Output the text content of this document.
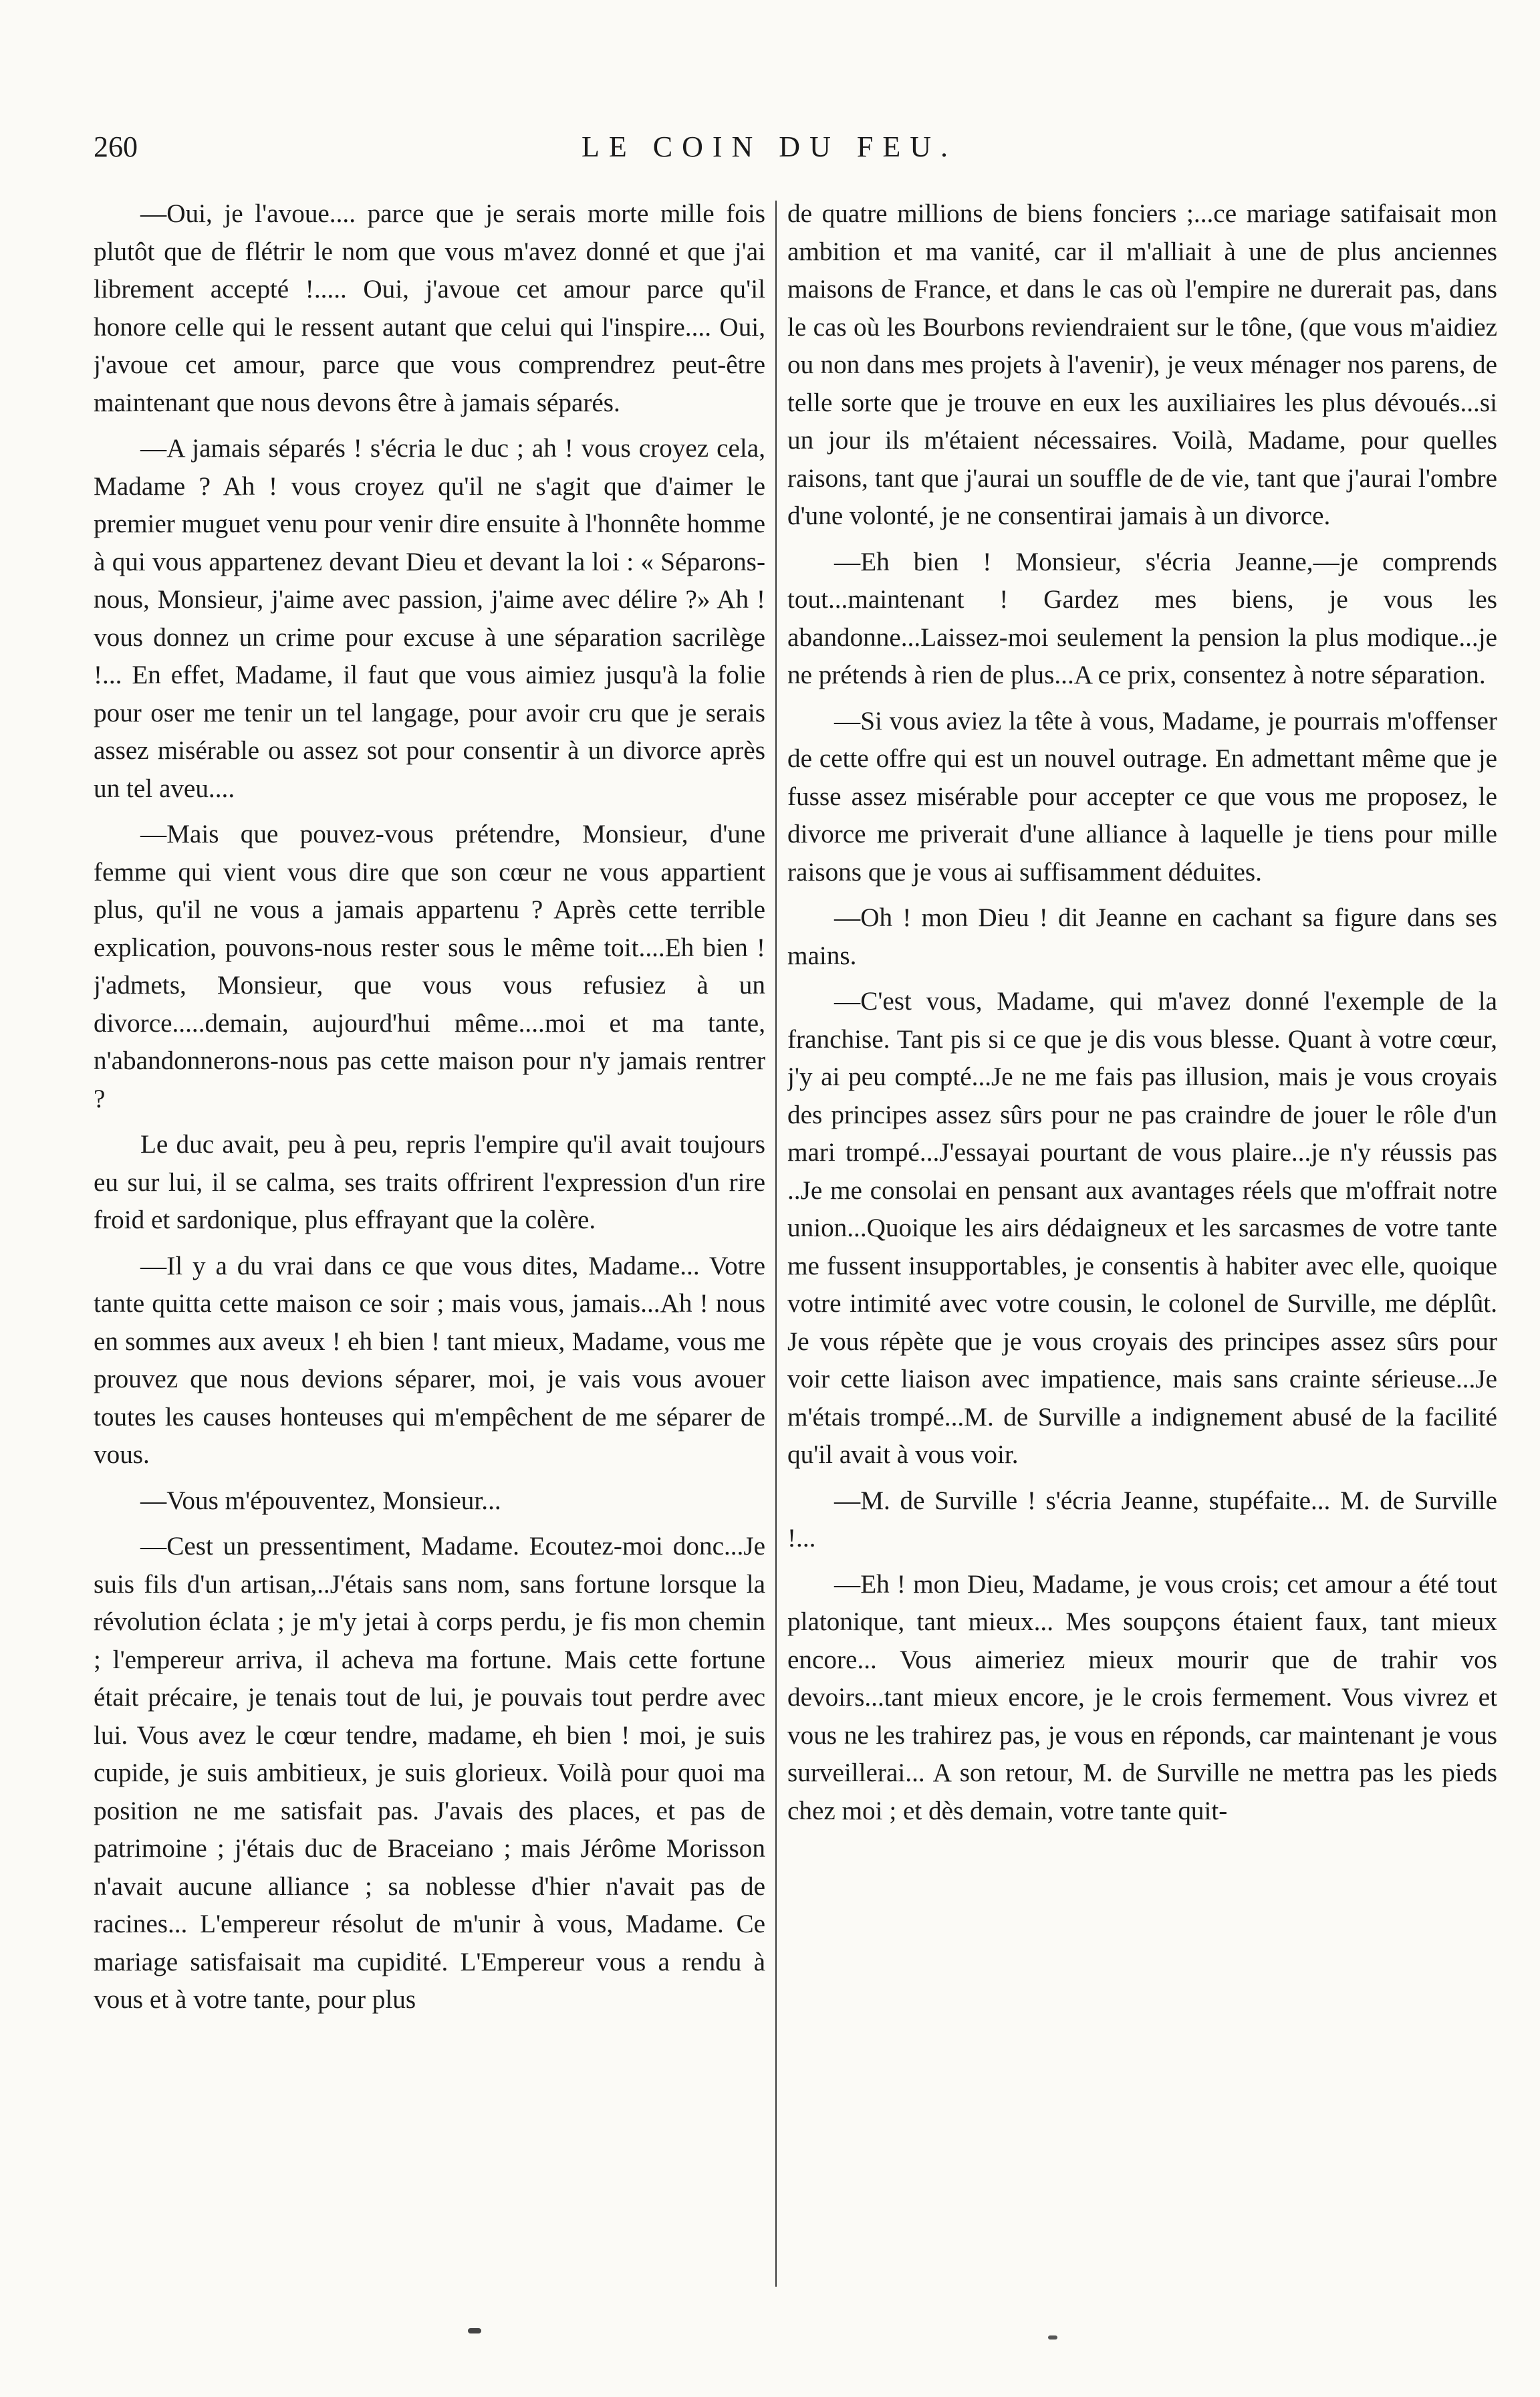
260	LE COIN DU FEU.

—Oui, je l'avoue.... parce que je serais morte mille fois plutôt que de flétrir le nom que vous m'avez donné et que j'ai librement accepté !..... Oui, j'avoue cet amour parce qu'il honore celle qui le ressent autant que celui qui l'inspire.... Oui, j'avoue cet amour, parce que vous comprendrez peut-être maintenant que nous devons être à jamais séparés.

—A jamais séparés ! s'écria le duc ; ah ! vous croyez cela, Madame ? Ah ! vous croyez qu'il ne s'agit que d'aimer le premier muguet venu pour venir dire ensuite à l'honnête homme à qui vous appartenez devant Dieu et devant la loi : « Séparons-nous, Monsieur, j'aime avec passion, j'aime avec délire ?» Ah ! vous donnez un crime pour excuse à une séparation sacrilège !... En effet, Madame, il faut que vous aimiez jusqu'à la folie pour oser me tenir un tel langage, pour avoir cru que je serais assez misérable ou assez sot pour consentir à un divorce après un tel aveu....

—Mais que pouvez-vous prétendre, Monsieur, d'une femme qui vient vous dire que son cœur ne vous appartient plus, qu'il ne vous a jamais appartenu ? Après cette terrible explication, pouvons-nous rester sous le même toit....Eh bien ! j'admets, Monsieur, que vous vous refusiez à un divorce.....demain, aujourd'hui même....moi et ma tante, n'abandonnerons-nous pas cette maison pour n'y jamais rentrer ?

Le duc avait, peu à peu, repris l'empire qu'il avait toujours eu sur lui, il se calma, ses traits offrirent l'expression d'un rire froid et sardonique, plus effrayant que la colère.

—Il y a du vrai dans ce que vous dites, Madame... Votre tante quitta cette maison ce soir ; mais vous, jamais...Ah ! nous en sommes aux aveux ! eh bien ! tant mieux, Madame, vous me prouvez que nous devions séparer, moi, je vais vous avouer toutes les causes honteuses qui m'empêchent de me séparer de vous.

—Vous m'épouventez, Monsieur...

—Cest un pressentiment, Madame. Ecoutez-moi donc...Je suis fils d'un artisan,..J'étais sans nom, sans fortune lorsque la révolution éclata ; je m'y jetai à corps perdu, je fis mon chemin ; l'empereur arriva, il acheva ma fortune. Mais cette fortune était précaire, je tenais tout de lui, je pouvais tout perdre avec lui. Vous avez le cœur tendre, madame, eh bien ! moi, je suis cupide, je suis ambitieux, je suis glorieux. Voilà pour quoi ma position ne me satisfait pas. J'avais des places, et pas de patrimoine ; j'étais duc de Braceiano ; mais Jérôme Morisson n'avait aucune alliance ; sa noblesse d'hier n'avait pas de racines... L'empereur résolut de m'unir à vous, Madame. Ce mariage satisfaisait ma cupidité. L'Empereur vous a rendu à vous et à votre tante, pour plus

de quatre millions de biens fonciers ;...ce mariage satifaisait mon ambition et ma vanité, car il m'alliait à une de plus anciennes maisons de France, et dans le cas où l'empire ne durerait pas, dans le cas où les Bourbons reviendraient sur le tône, (que vous m'aidiez ou non dans mes projets à l'avenir), je veux ménager nos parens, de telle sorte que je trouve en eux les auxiliaires les plus dévoués...si un jour ils m'étaient nécessaires. Voilà, Madame, pour quelles raisons, tant que j'aurai un souffle de de vie, tant que j'aurai l'ombre d'une volonté, je ne consentirai jamais à un divorce.

—Eh bien ! Monsieur, s'écria Jeanne,—je comprends tout...maintenant ! Gardez mes biens, je vous les abandonne...Laissez-moi seulement la pension la plus modique...je ne prétends à rien de plus...A ce prix, consentez à notre séparation.

—Si vous aviez la tête à vous, Madame, je pourrais m'offenser de cette offre qui est un nouvel outrage. En admettant même que je fusse assez misérable pour accepter ce que vous me proposez, le divorce me priverait d'une alliance à laquelle je tiens pour mille raisons que je vous ai suffisamment déduites.

—Oh ! mon Dieu ! dit Jeanne en cachant sa figure dans ses mains.

—C'est vous, Madame, qui m'avez donné l'exemple de la franchise. Tant pis si ce que je dis vous blesse. Quant à votre cœur, j'y ai peu compté...Je ne me fais pas illusion, mais je vous croyais des principes assez sûrs pour ne pas craindre de jouer le rôle d'un mari trompé...J'essayai pourtant de vous plaire...je n'y réussis pas ..Je me consolai en pensant aux avantages réels que m'offrait notre union...Quoique les airs dédaigneux et les sarcasmes de votre tante me fussent insupportables, je consentis à habiter avec elle, quoique votre intimité avec votre cousin, le colonel de Surville, me déplût. Je vous répète que je vous croyais des principes assez sûrs pour voir cette liaison avec impatience, mais sans crainte sérieuse...Je m'étais trompé...M. de Surville a indignement abusé de la facilité qu'il avait à vous voir.

—M. de Surville ! s'écria Jeanne, stupéfaite... M. de Surville !...

—Eh ! mon Dieu, Madame, je vous crois; cet amour a été tout platonique, tant mieux... Mes soupçons étaient faux, tant mieux encore... Vous aimeriez mieux mourir que de trahir vos devoirs...tant mieux encore, je le crois fermement. Vous vivrez et vous ne les trahirez pas, je vous en réponds, car maintenant je vous surveillerai... A son retour, M. de Surville ne mettra pas les pieds chez moi ; et dès demain, votre tante quit-
